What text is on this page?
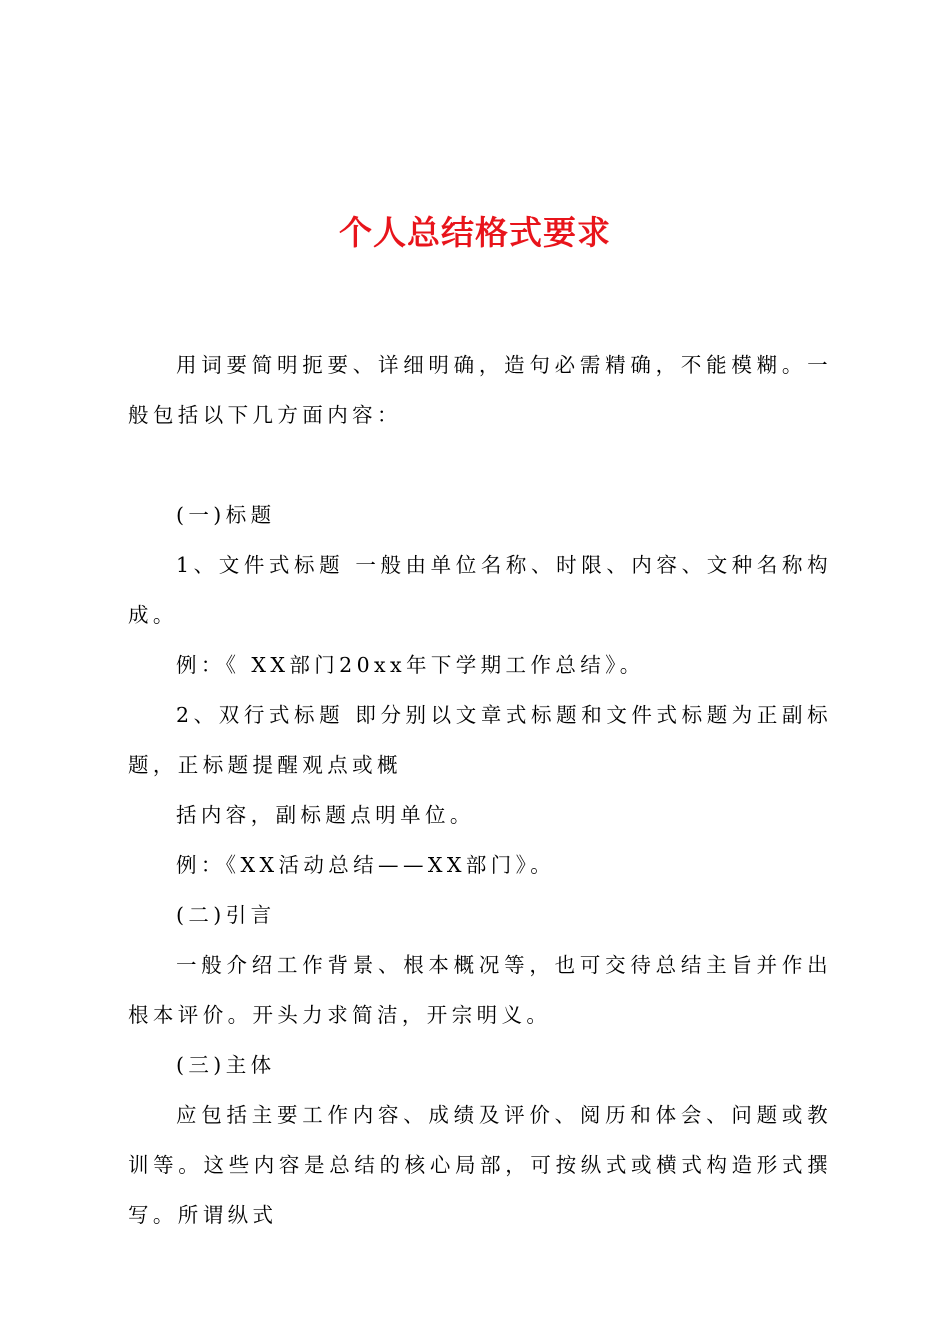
个人总结格式要求

用词要简明扼要、详细明确，造句必需精确，不能模糊。一般包括以下几方面内容：

(一)标题

1、文件式标题 一般由单位名称、时限、内容、文种名称构成。

例：《 XX部门20xx年下学期工作总结》。

2、双行式标题 即分别以文章式标题和文件式标题为正副标题，正标题提醒观点或概

括内容，副标题点明单位。

例：《XX活动总结——XX部门》。

(二)引言

一般介绍工作背景、根本概况等，也可交待总结主旨并作出根本评价。开头力求简洁，开宗明义。

(三)主体

应包括主要工作内容、成绩及评价、阅历和体会、问题或教训等。这些内容是总结的核心局部，可按纵式或横式构造形式撰写。所谓纵式
